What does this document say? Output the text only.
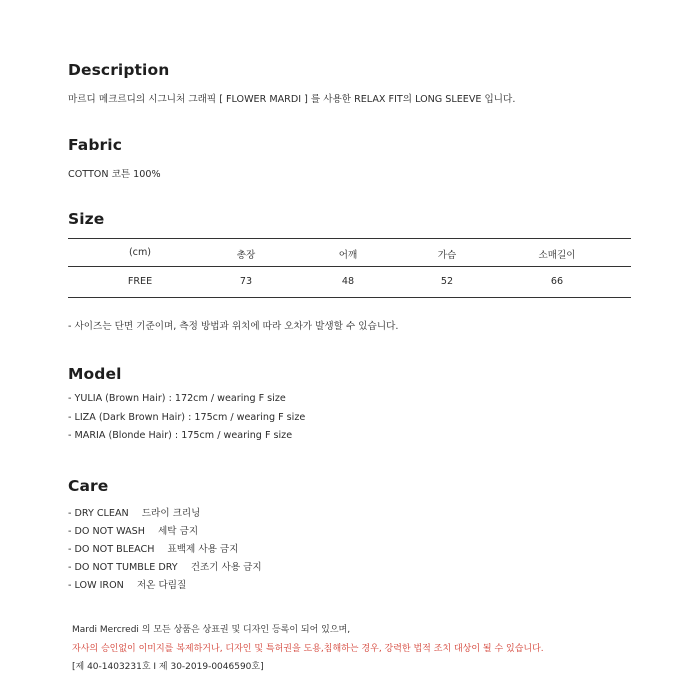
Description
마르디 메크르디의 시그니처 그래픽 [ FLOWER MARDI ] 를 사용한 RELAX FIT의 LONG SLEEVE 입니다.
Fabric
COTTON 코튼 100%
Size
(cm)	총장	어깨	가슴	소매길이
FREE	73	48	52	66
- 사이즈는 단면 기준이며, 측정 방법과 위치에 따라 오차가 발생할 수 있습니다.
Model
- YULIA (Brown Hair) : 172cm / wearing F size
- LIZA (Dark Brown Hair) : 175cm / wearing F size
- MARIA (Blonde Hair) : 175cm / wearing F size
Care
- DRY CLEAN 드라이 크리닝
- DO NOT WASH 세탁 금지
- DO NOT BLEACH 표백제 사용 금지
- DO NOT TUMBLE DRY 건조기 사용 금지
- LOW IRON 저온 다림질
Mardi Mercredi 의 모든 상품은 상표권 및 디자인 등록이 되어 있으며,
자사의 승인없이 이미지를 복제하거나, 디자인 및 특허권을 도용,침해하는 경우, 강력한 법적 조치 대상이 될 수 있습니다.
[제 40-1403231호 I 제 30-2019-0046590호]
